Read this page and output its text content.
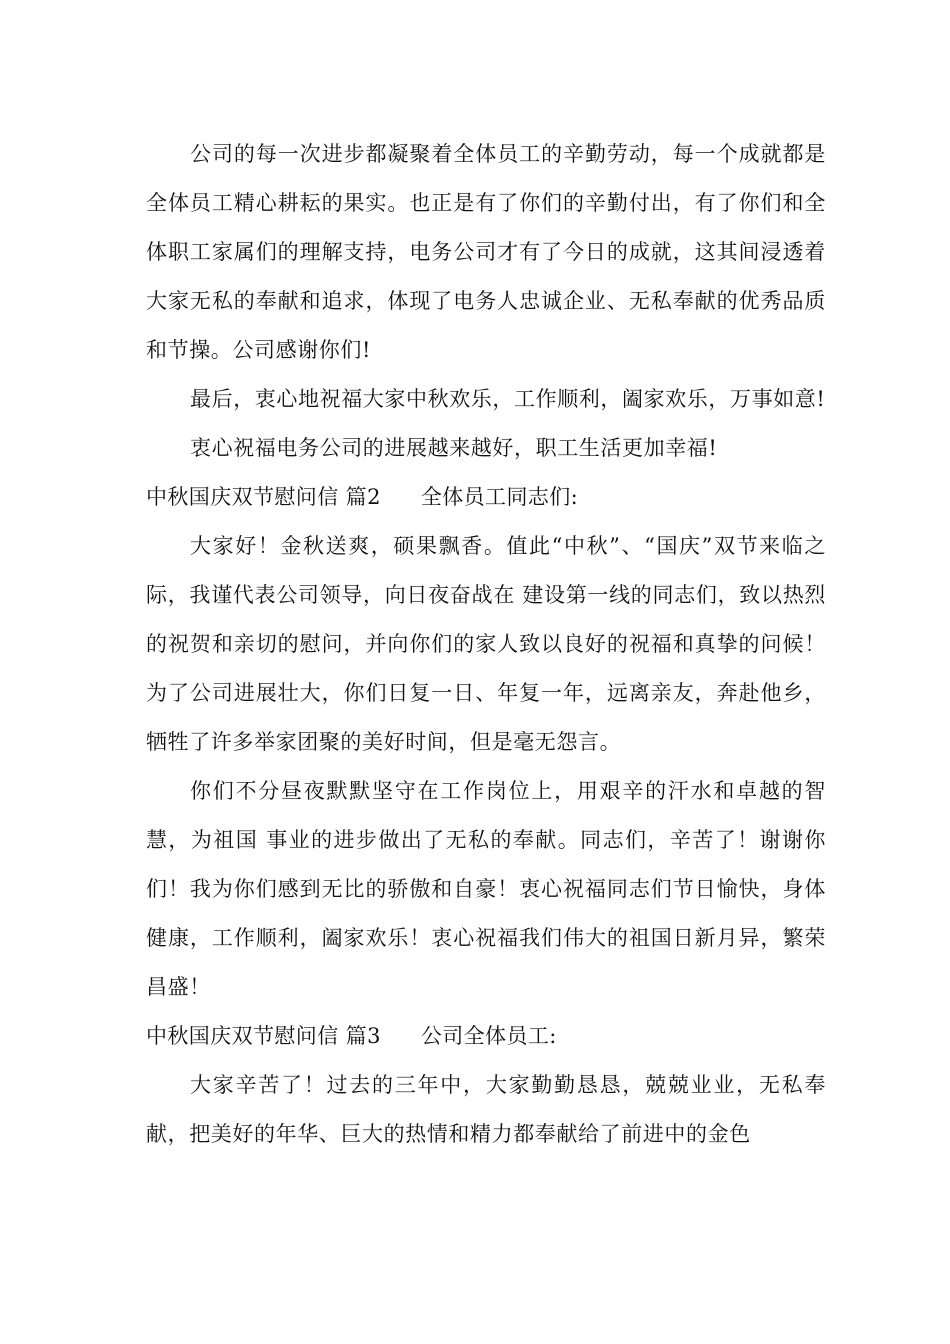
公司的每一次进步都凝聚着全体员工的辛勤劳动，每一个成就都是全体员工精心耕耘的果实。也正是有了你们的辛勤付出，有了你们和全体职工家属们的理解支持，电务公司才有了今日的成就，这其间浸透着大家无私的奉献和追求，体现了电务人忠诚企业、无私奉献的优秀品质和节操。公司感谢你们!

最后，衷心地祝福大家中秋欢乐，工作顺利，阖家欢乐，万事如意!

衷心祝福电务公司的进展越来越好，职工生活更加幸福!

中秋国庆双节慰问信 篇2 全体员工同志们:

大家好！金秋送爽，硕果飘香。值此“中秋”、“国庆”双节来临之际，我谨代表公司领导，向日夜奋战在 建设第一线的同志们，致以热烈的祝贺和亲切的慰问，并向你们的家人致以良好的祝福和真挚的问候！为了公司进展壮大，你们日复一日、年复一年，远离亲友，奔赴他乡，牺牲了许多举家团聚的美好时间，但是毫无怨言。

你们不分昼夜默默坚守在工作岗位上，用艰辛的汗水和卓越的智慧，为祖国 事业的进步做出了无私的奉献。同志们，辛苦了！谢谢你们！我为你们感到无比的骄傲和自豪！衷心祝福同志们节日愉快，身体健康，工作顺利，阖家欢乐！衷心祝福我们伟大的祖国日新月异，繁荣昌盛！

中秋国庆双节慰问信 篇3 公司全体员工:

大家辛苦了！过去的三年中，大家勤勤恳恳，兢兢业业，无私奉献，把美好的年华、巨大的热情和精力都奉献给了前进中的金色
